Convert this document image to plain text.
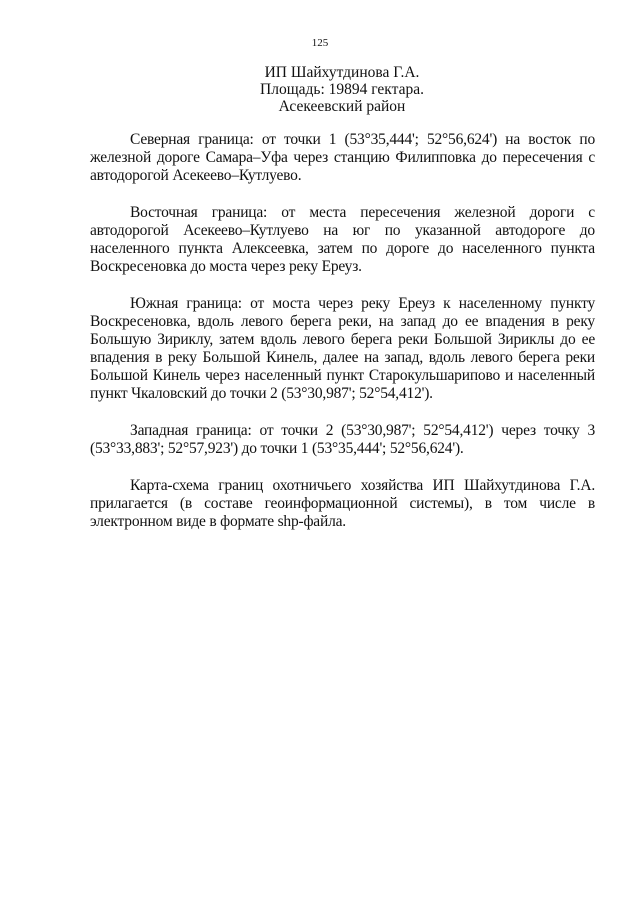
125
ИП Шайхутдинова Г.А.
Площадь: 19894 гектара.
Асекеевский район

Северная граница: от точки 1 (53°35,444'; 52°56,624') на восток по железной дороге Самара–Уфа через станцию Филипповка до пересечения с автодорогой Асекеево–Кутлуево.

Восточная граница: от места пересечения железной дороги с автодорогой Асекеево–Кутлуево на юг по указанной автодороге до населенного пункта Алексеевка, затем по дороге до населенного пункта Воскресеновка до моста через реку Ереуз.

Южная граница: от моста через реку Ереуз к населенному пункту Воскресеновка, вдоль левого берега реки, на запад до ее впадения в реку Большую Зириклу, затем вдоль левого берега реки Большой Зириклы до ее впадения в реку Большой Кинель, далее на запад, вдоль левого берега реки Большой Кинель через населенный пункт Старокульшарипово и населенный пункт Чкаловский до точки 2 (53°30,987'; 52°54,412').

Западная граница: от точки 2 (53°30,987'; 52°54,412') через точку 3 (53°33,883'; 52°57,923') до точки 1 (53°35,444'; 52°56,624').

Карта-схема границ охотничьего хозяйства ИП Шайхутдинова Г.А. прилагается (в составе геоинформационной системы), в том числе в электронном виде в формате shp-файла.
